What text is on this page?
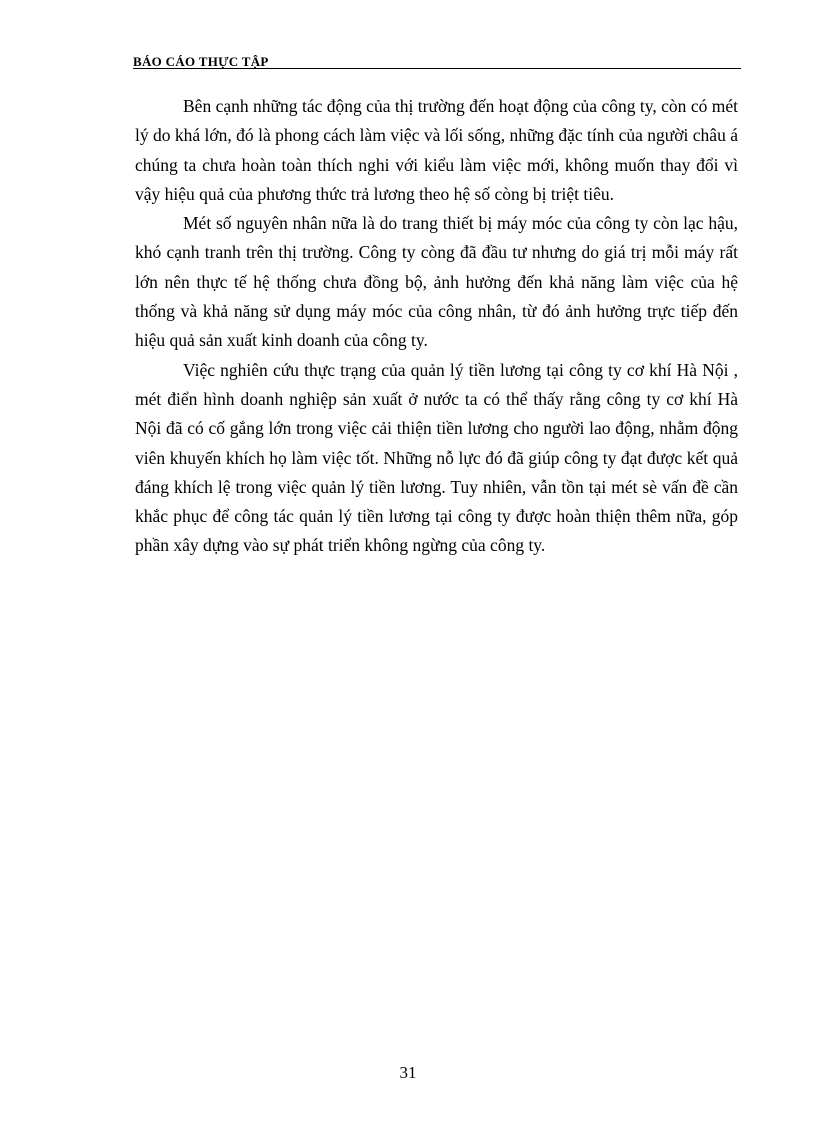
BÁO CÁO THỰC TẬP

Bên cạnh những tác động của thị trường đến hoạt động của công ty, còn có mét lý do khá lớn, đó là phong cách làm việc và lối sống, những đặc tính của người châu á chúng ta chưa hoàn toàn thích nghi với kiểu làm việc mới, không muốn thay đổi vì vậy hiệu quả của phương thức trả lương theo hệ số còng bị triệt tiêu.

Mét số nguyên nhân nữa là do trang thiết bị máy móc của công ty còn lạc hậu, khó cạnh tranh trên thị trường. Công ty còng đã đầu tư nhưng do giá trị mỗi máy rất lớn nên thực tế hệ thống chưa đồng bộ, ảnh hưởng đến khả năng làm việc của hệ thống và khả năng sử dụng máy móc của công nhân, từ đó ảnh hưởng trực tiếp đến hiệu quả sản xuất kinh doanh của công ty.

Việc nghiên cứu thực trạng của quản lý tiền lương tại công ty cơ khí Hà Nội , mét điển hình doanh nghiệp sản xuất ở nước ta có thể thấy rằng công ty cơ khí Hà Nội đã có cố gắng lớn trong việc cải thiện tiền lương cho người lao động, nhằm động viên khuyến khích họ làm việc tốt. Những nỗ lực đó đã giúp công ty đạt được kết quả đáng khích lệ trong việc quản lý tiền lương. Tuy nhiên, vẫn tồn tại mét sè vấn đề cần khắc phục để công tác quản lý tiền lương tại công ty được hoàn thiện thêm nữa, góp phần xây dựng vào sự phát triển không ngừng của công ty.

31
